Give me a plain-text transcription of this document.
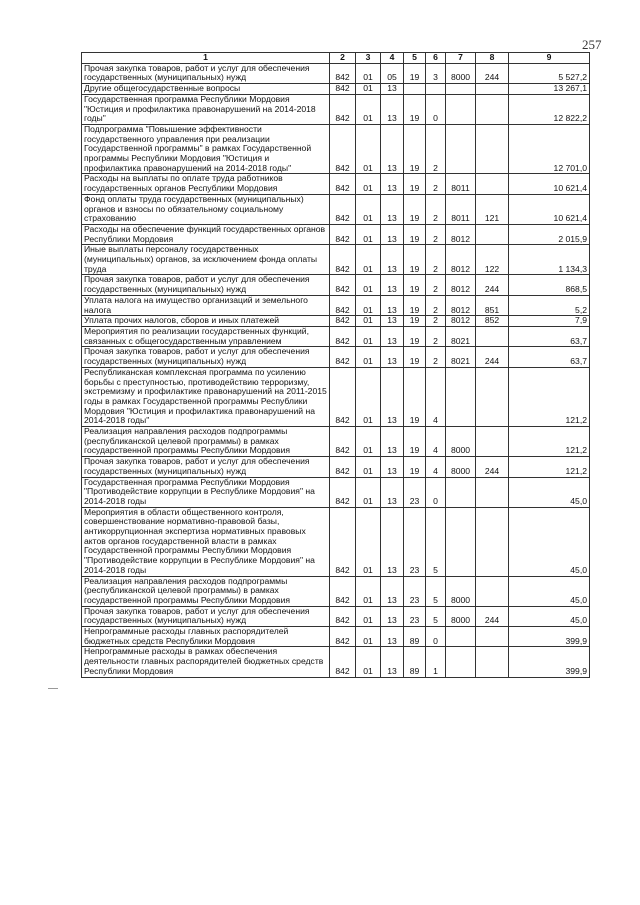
257
1	2	3	4	5	6	7	8	9
Прочая закупка товаров, работ и услуг для обеспечения государственных (муниципальных) нужд	842	01	05	19	3	8000	244	5 527,2
Другие общегосударственные вопросы	842	01	13					13 267,1
Государственная программа Республики Мордовия "Юстиция и профилактика правонарушений на 2014-2018 годы"	842	01	13	19	0			12 822,2
Подпрограмма "Повышение эффективности государственного управления при реализации Государственной программы" в рамках Государственной программы Республики Мордовия "Юстиция и профилактика правонарушений на 2014-2018 годы"	842	01	13	19	2			12 701,0
Расходы на выплаты по оплате труда работников государственных органов Республики Мордовия	842	01	13	19	2	8011		10 621,4
Фонд оплаты труда государственных (муниципальных) органов и взносы по обязательному социальному страхованию	842	01	13	19	2	8011	121	10 621,4
Расходы на обеспечение функций государственных органов Республики Мордовия	842	01	13	19	2	8012		2 015,9
Иные выплаты персоналу государственных (муниципальных) органов, за исключением фонда оплаты труда	842	01	13	19	2	8012	122	1 134,3
Прочая закупка товаров, работ и услуг для обеспечения государственных (муниципальных) нужд	842	01	13	19	2	8012	244	868,5
Уплата налога на имущество организаций и земельного налога	842	01	13	19	2	8012	851	5,2
Уплата прочих налогов, сборов и иных платежей	842	01	13	19	2	8012	852	7,9
Мероприятия по реализации государственных функций, связанных с общегосударственным управлением	842	01	13	19	2	8021		63,7
Прочая закупка товаров, работ и услуг для обеспечения государственных (муниципальных) нужд	842	01	13	19	2	8021	244	63,7
Республиканская комплексная программа по усилению борьбы с преступностью, противодействию терроризму, экстремизму и профилактике правонарушений на 2011-2015 годы в рамках Государственной программы Республики Мордовия "Юстиция и профилактика правонарушений на 2014-2018 годы"	842	01	13	19	4			121,2
Реализация направления расходов подпрограммы (республиканской целевой программы) в рамках государственной программы Республики Мордовия	842	01	13	19	4	8000		121,2
Прочая закупка товаров, работ и услуг для обеспечения государственных (муниципальных) нужд	842	01	13	19	4	8000	244	121,2
Государственная программа Республики Мордовия "Противодействие коррупции в Республике Мордовия" на 2014-2018 годы	842	01	13	23	0			45,0
Мероприятия в области общественного контроля, совершенствование нормативно-правовой базы, антикоррупционная экспертиза нормативных правовых актов органов государственной власти в рамках Государственной программы Республики Мордовия "Противодействие коррупции в Республике Мордовия" на 2014-2018 годы	842	01	13	23	5			45,0
Реализация направления расходов подпрограммы (республиканской целевой программы) в рамках государственной программы Республики Мордовия	842	01	13	23	5	8000		45,0
Прочая закупка товаров, работ и услуг для обеспечения государственных (муниципальных) нужд	842	01	13	23	5	8000	244	45,0
Непрограммные расходы главных распорядителей бюджетных средств Республики Мордовия	842	01	13	89	0			399,9
Непрограммные расходы в рамках обеспечения деятельности главных распорядителей бюджетных средств Республики Мордовия	842	01	13	89	1			399,9
